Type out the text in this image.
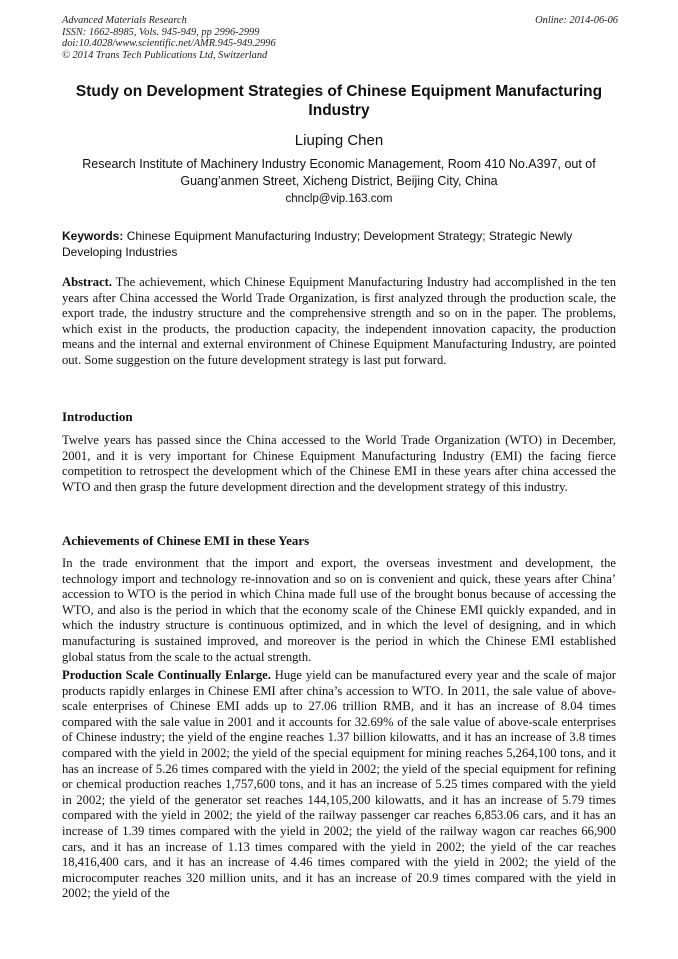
Advanced Materials Research
ISSN: 1662-8985, Vols. 945-949, pp 2996-2999
doi:10.4028/www.scientific.net/AMR.945-949.2996
© 2014 Trans Tech Publications Ltd, Switzerland
Online: 2014-06-06
Study on Development Strategies of Chinese Equipment Manufacturing Industry
Liuping Chen
Research Institute of Machinery Industry Economic Management, Room 410 No.A397, out of Guang’anmen Street, Xicheng District, Beijing City, China
chnclp@vip.163.com
Keywords: Chinese Equipment Manufacturing Industry; Development Strategy; Strategic Newly Developing Industries
Abstract. The achievement, which Chinese Equipment Manufacturing Industry had accomplished in the ten years after China accessed the World Trade Organization, is first analyzed through the production scale, the export trade, the industry structure and the comprehensive strength and so on in the paper. The problems, which exist in the products, the production capacity, the independent innovation capacity, the production means and the internal and external environment of Chinese Equipment Manufacturing Industry, are pointed out. Some suggestion on the future development strategy is last put forward.
Introduction
Twelve years has passed since the China accessed to the World Trade Organization (WTO) in December, 2001, and it is very important for Chinese Equipment Manufacturing Industry (EMI) the facing fierce competition to retrospect the development which of the Chinese EMI in these years after china accessed the WTO and then grasp the future development direction and the development strategy of this industry.
Achievements of Chinese EMI in these Years
In the trade environment that the import and export, the overseas investment and development, the technology import and technology re-innovation and so on is convenient and quick, these years after China’ accession to WTO is the period in which China made full use of the brought bonus because of accessing the WTO, and also is the period in which that the economy scale of the Chinese EMI quickly expanded, and in which the industry structure is continuous optimized, and in which the level of designing, and in which manufacturing is sustained improved, and moreover is the period in which the Chinese EMI established global status from the scale to the actual strength.
Production Scale Continually Enlarge. Huge yield can be manufactured every year and the scale of major products rapidly enlarges in Chinese EMI after china’s accession to WTO. In 2011, the sale value of above-scale enterprises of Chinese EMI adds up to 27.06 trillion RMB, and it has an increase of 8.04 times compared with the sale value in 2001 and it accounts for 32.69% of the sale value of above-scale enterprises of Chinese industry; the yield of the engine reaches 1.37 billion kilowatts, and it has an increase of 3.8 times compared with the yield in 2002; the yield of the special equipment for mining reaches 5,264,100 tons, and it has an increase of 5.26 times compared with the yield in 2002; the yield of the special equipment for refining or chemical production reaches 1,757,600 tons, and it has an increase of 5.25 times compared with the yield in 2002; the yield of the generator set reaches 144,105,200 kilowatts, and it has an increase of 5.79 times compared with the yield in 2002; the yield of the railway passenger car reaches 6,853.06 cars, and it has an increase of 1.39 times compared with the yield in 2002; the yield of the railway wagon car reaches 66,900 cars, and it has an increase of 1.13 times compared with the yield in 2002; the yield of the car reaches 18,416,400 cars, and it has an increase of 4.46 times compared with the yield in 2002; the yield of the microcomputer reaches 320 million units, and it has an increase of 20.9 times compared with the yield in 2002; the yield of the
